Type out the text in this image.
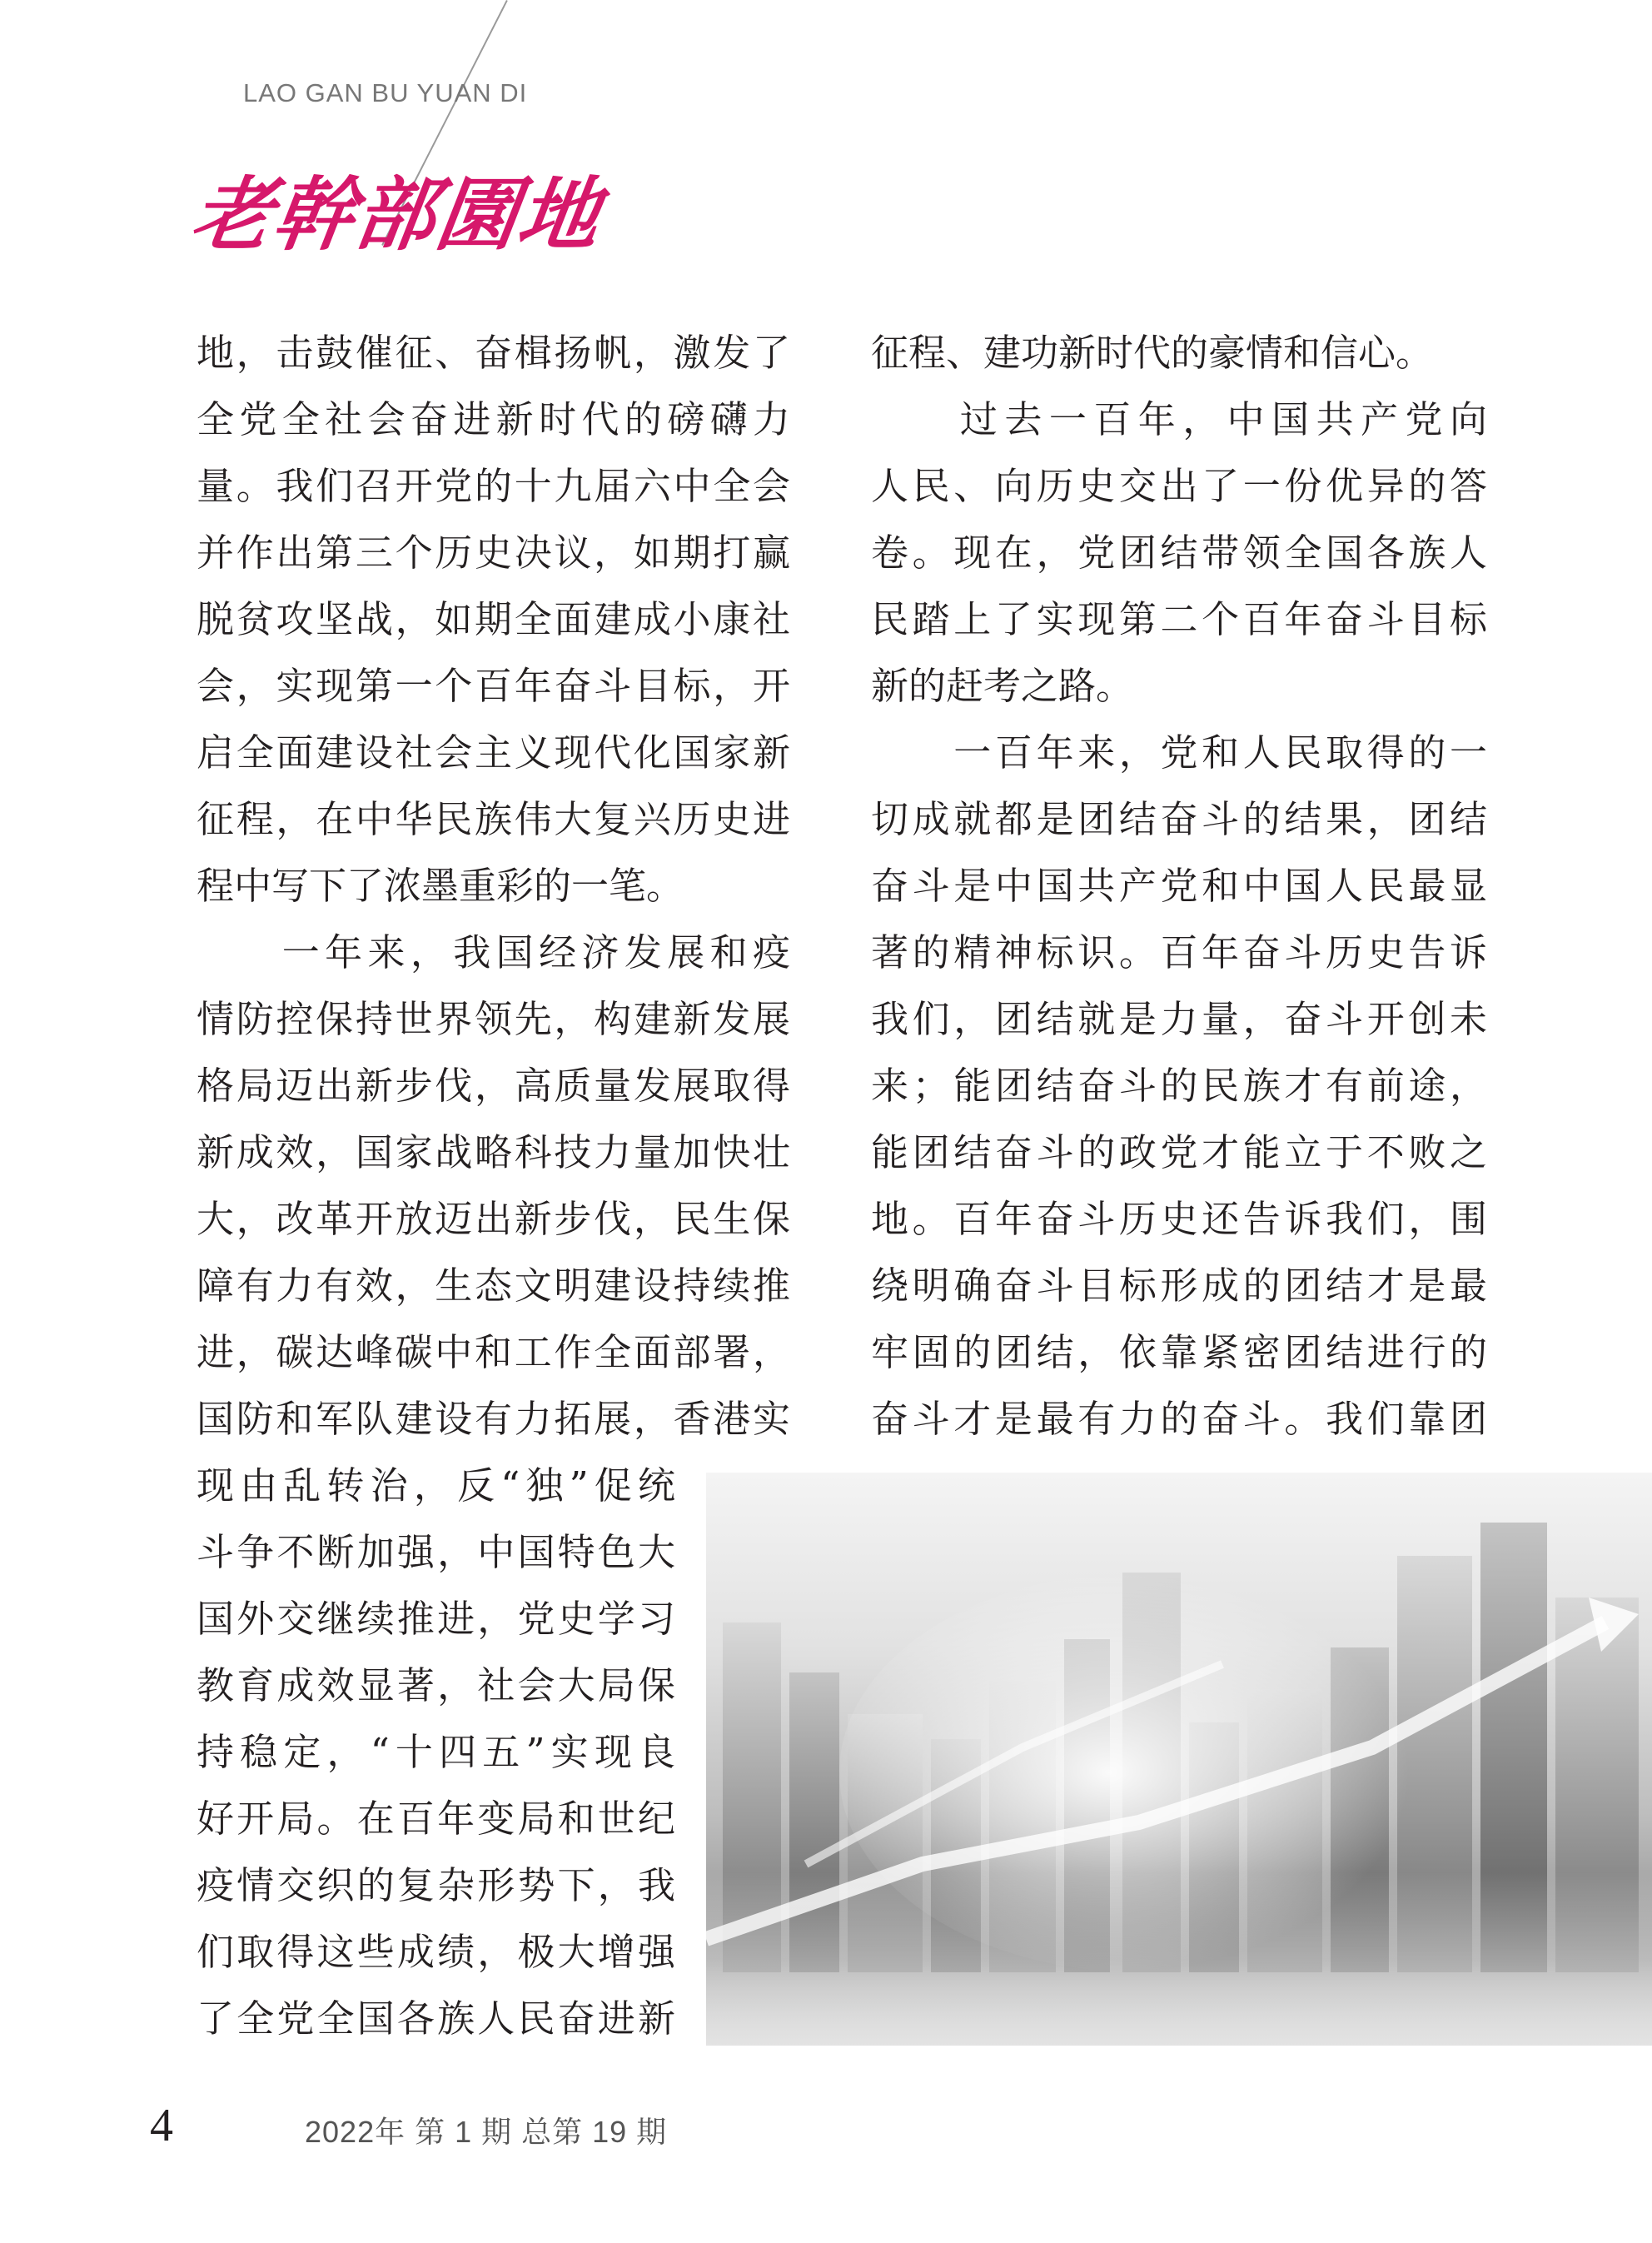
LAO GAN BU YUAN DI
老幹部園地
地，击鼓催征、奋楫扬帆，激发了
全党全社会奋进新时代的磅礴力
量。我们召开党的十九届六中全会
并作出第三个历史决议，如期打赢
脱贫攻坚战，如期全面建成小康社
会，实现第一个百年奋斗目标，开
启全面建设社会主义现代化国家新
征程，在中华民族伟大复兴历史进
程中写下了浓墨重彩的一笔。
　　一年来，我国经济发展和疫
情防控保持世界领先，构建新发展
格局迈出新步伐，高质量发展取得
新成效，国家战略科技力量加快壮
大，改革开放迈出新步伐，民生保
障有力有效，生态文明建设持续推
进，碳达峰碳中和工作全面部署，
国防和军队建设有力拓展，香港实
现由乱转治，反“独”促统
斗争不断加强，中国特色大
国外交继续推进，党史学习
教育成效显著，社会大局保
持稳定，“十四五”实现良
好开局。在百年变局和世纪
疫情交织的复杂形势下，我
们取得这些成绩，极大增强
了全党全国各族人民奋进新
征程、建功新时代的豪情和信心。
　　过去一百年，中国共产党向
人民、向历史交出了一份优异的答
卷。现在，党团结带领全国各族人
民踏上了实现第二个百年奋斗目标
新的赶考之路。
　　一百年来，党和人民取得的一
切成就都是团结奋斗的结果，团结
奋斗是中国共产党和中国人民最显
著的精神标识。百年奋斗历史告诉
我们，团结就是力量，奋斗开创未
来；能团结奋斗的民族才有前途，
能团结奋斗的政党才能立于不败之
地。百年奋斗历史还告诉我们，围
绕明确奋斗目标形成的团结才是最
牢固的团结，依靠紧密团结进行的
奋斗才是最有力的奋斗。我们靠团
4	2022年 第 1 期 总第 19 期
